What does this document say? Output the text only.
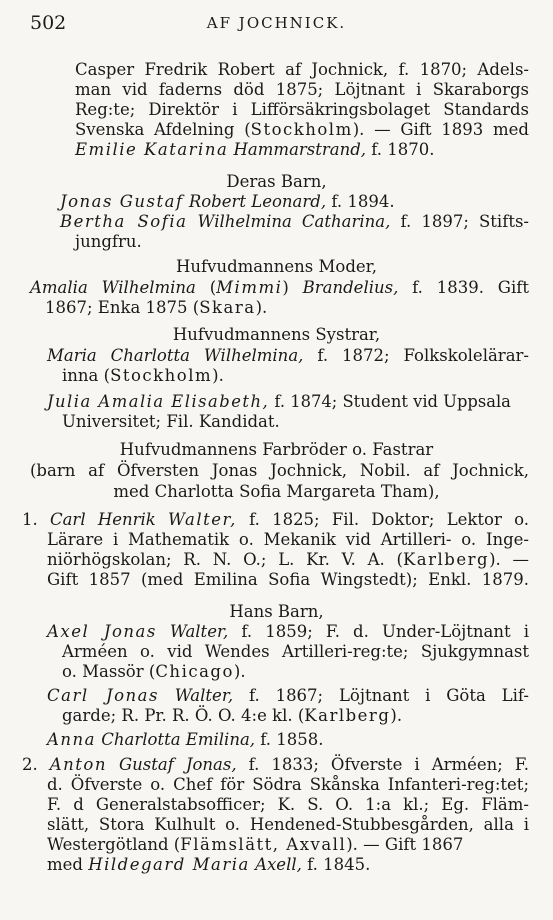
502	AF JOCHNICK.
Casper Fredrik Robert af Jochnick, f. 1870; Adels-
man vid faderns död 1875; Löjtnant i Skaraborgs
Reg:te; Direktör i Lifförsäkringsbolaget Standards
Svenska Afdelning (Stockholm). — Gift 1893 med
Emilie Katarina Hammarstrand, f. 1870.
Deras Barn,
Jonas Gustaf Robert Leonard, f. 1894.
Bertha Sofia Wilhelmina Catharina, f. 1897; Stifts-
jungfru.
Hufvudmannens Moder,
Amalia Wilhelmina (Mimmi) Brandelius, f. 1839. Gift
1867; Enka 1875 (Skara).
Hufvudmannens Systrar,
Maria Charlotta Wilhelmina, f. 1872; Folkskolelärar-
inna (Stockholm).
Julia Amalia Elisabeth, f. 1874; Student vid Uppsala
Universitet; Fil. Kandidat.
Hufvudmannens Farbröder o. Fastrar
(barn af Öfversten Jonas Jochnick, Nobil. af Jochnick,
med Charlotta Sofia Margareta Tham),
1. Carl Henrik Walter, f. 1825; Fil. Doktor; Lektor o.
Lärare i Mathematik o. Mekanik vid Artilleri- o. Inge-
niörhögskolan; R. N. O.; L. Kr. V. A. (Karlberg). —
Gift 1857 (med Emilina Sofia Wingstedt); Enkl. 1879.
Hans Barn,
Axel Jonas Walter, f. 1859; F. d. Under-Löjtnant i
Arméen o. vid Wendes Artilleri-reg:te; Sjukgymnast
o. Massör (Chicago).
Carl Jonas Walter, f. 1867; Löjtnant i Göta Lif-
garde; R. Pr. R. Ö. O. 4:e kl. (Karlberg).
Anna Charlotta Emilina, f. 1858.
2. Anton Gustaf Jonas, f. 1833; Öfverste i Arméen; F.
d. Öfverste o. Chef för Södra Skånska Infanteri-reg:tet;
F. d Generalstabsofficer; K. S. O. 1:a kl.; Eg. Fläm-
slätt, Stora Kulhult o. Hendened-Stubbesgården, alla i
Westergötland (Flämslätt, Axvall). — Gift 1867
med Hildegard Maria Axell, f. 1845.
